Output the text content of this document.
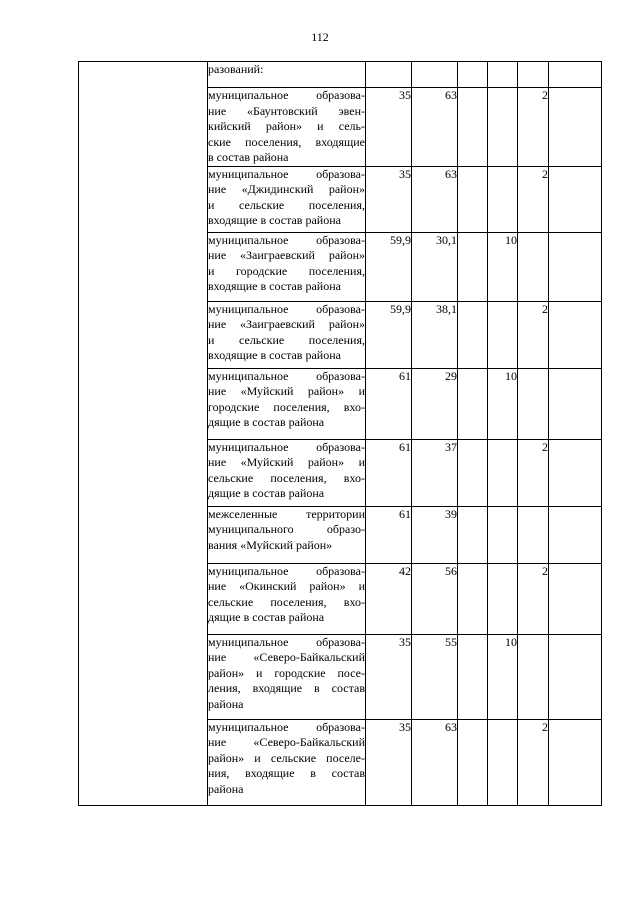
112

	разований:						

	муниципальное образова-
ние «Баунтовский эвен-
кийский район» и сель-
ские поселения, входящие
в состав района	35	63			2	

	муниципальное образова-
ние «Джидинский район»
и сельские поселения,
входящие в состав района	35	63			2	

	муниципальное образова-
ние «Заиграевский район»
и городские поселения,
входящие в состав района	59,9	30,1		10		

	муниципальное образова-
ние «Заиграевский район»
и сельские поселения,
входящие в состав района	59,9	38,1			2	

	муниципальное образова-
ние «Муйский район» и
городские поселения, вхо-
дящие в состав района	61	29		10		

	муниципальное образова-
ние «Муйский район» и
сельские поселения, вхо-
дящие в состав района	61	37			2	

	межселенные территории
муниципального образо-
вания «Муйский район»	61	39				

	муниципальное образова-
ние «Окинский район» и
сельские поселения, вхо-
дящие в состав района	42	56			2	

	муниципальное образова-
ние «Северо-Байкальский
район» и городские посе-
ления, входящие в состав
района	35	55		10		

	муниципальное образова-
ние «Северо-Байкальский
район» и сельские поселе-
ния, входящие в состав
района	35	63			2	
